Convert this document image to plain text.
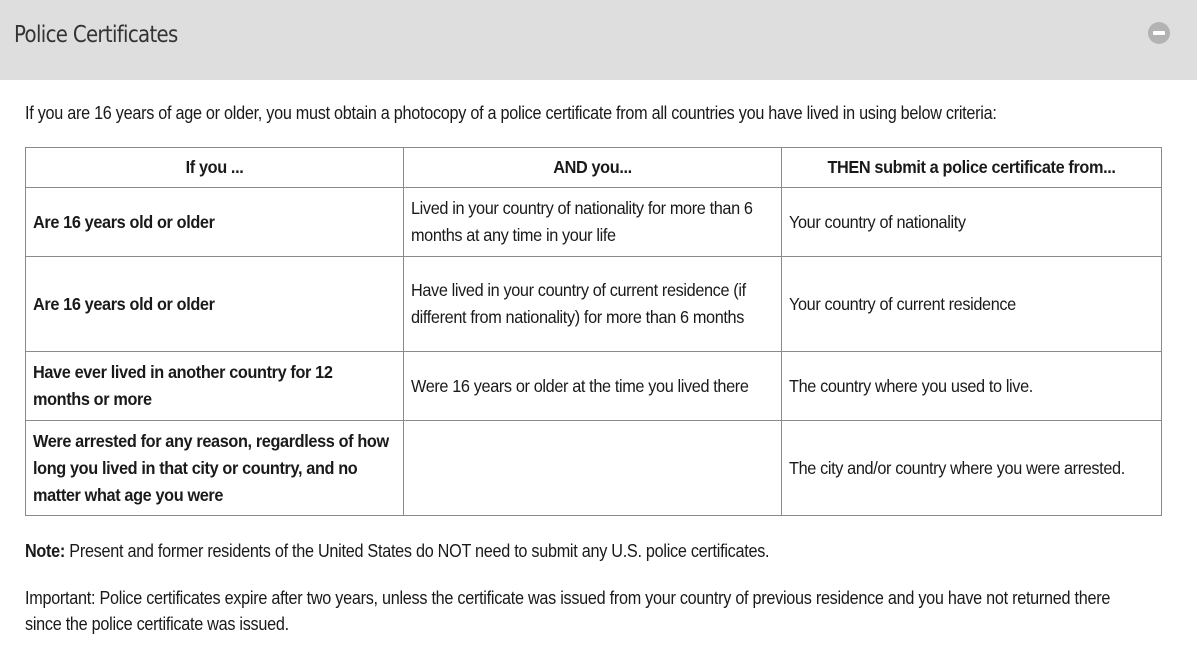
Police Certificates
If you are 16 years of age or older, you must obtain a photocopy of a police certificate from all countries you have lived in using below criteria:
If you ...	AND you...	THEN submit a police certificate from...
Are 16 years old or older	Lived in your country of nationality for more than 6 months at any time in your life	Your country of nationality
Are 16 years old or older	Have lived in your country of current residence (if different from nationality) for more than 6 months	Your country of current residence
Have ever lived in another country for 12 months or more	Were 16 years or older at the time you lived there	The country where you used to live.
Were arrested for any reason, regardless of how long you lived in that city or country, and no matter what age you were		The city and/or country where you were arrested.
Note: Present and former residents of the United States do NOT need to submit any U.S. police certificates.
Important: Police certificates expire after two years, unless the certificate was issued from your country of previous residence and you have not returned there since the police certificate was issued.
